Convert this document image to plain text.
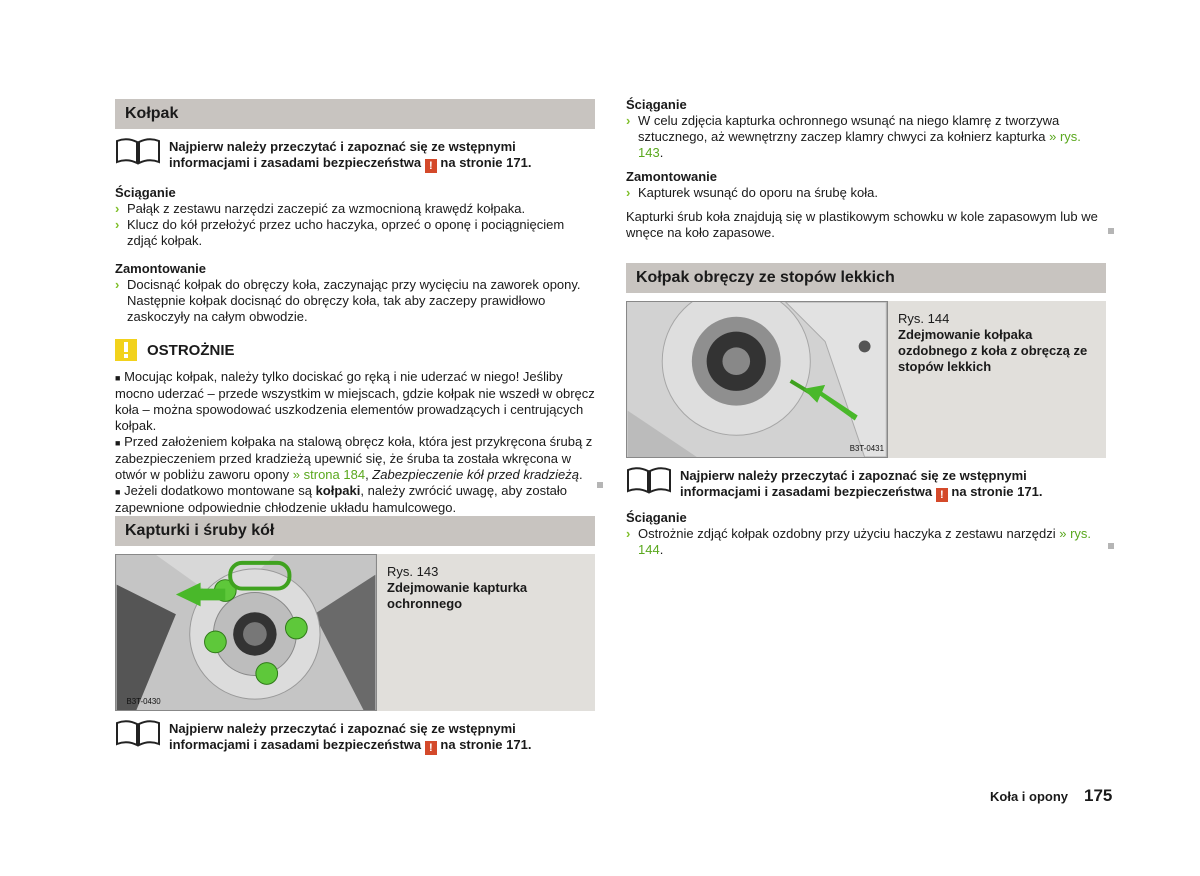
Kołpak
Najpierw należy przeczytać i zapoznać się ze wstępnymi informacjami i zasadami bezpieczeństwa ! na stronie 171.
Ściąganie
› Pałąk z zestawu narzędzi zaczepić za wzmocnioną krawędź kołpaka.
› Klucz do kół przełożyć przez ucho haczyka, oprzeć o oponę i pociągnięciem zdjąć kołpak.
Zamontowanie
› Docisnąć kołpak do obręczy koła, zaczynając przy wycięciu na zaworek opony. Następnie kołpak docisnąć do obręczy koła, tak aby zaczepy prawidłowo zaskoczyły na całym obwodzie.
OSTROŻNIE
■ Mocując kołpak, należy tylko dociskać go ręką i nie uderzać w niego! Jeśliby mocno uderzać – przede wszystkim w miejscach, gdzie kołpak nie wszedł w obręcz koła – można spowodować uszkodzenia elementów prowadzących i centrujących kołpak.
■ Przed założeniem kołpaka na stalową obręcz koła, która jest przykręcona śrubą z zabezpieczeniem przed kradzieżą upewnić się, że śruba ta została wkręcona w otwór w pobliżu zaworu opony » strona 184, Zabezpieczenie kół przed kradzieżą.
■ Jeżeli dodatkowo montowane są kołpaki, należy zwrócić uwagę, aby zostało zapewnione odpowiednie chłodzenie układu hamulcowego.
Kapturki i śruby kół
B3T-0430
Rys. 143
Zdejmowanie kapturka ochronnego
Najpierw należy przeczytać i zapoznać się ze wstępnymi informacjami i zasadami bezpieczeństwa ! na stronie 171.
Ściąganie
› W celu zdjęcia kapturka ochronnego wsunąć na niego klamrę z tworzywa sztucznego, aż wewnętrzny zaczep klamry chwyci za kołnierz kapturka » rys. 143.
Zamontowanie
› Kapturek wsunąć do oporu na śrubę koła.
Kapturki śrub koła znajdują się w plastikowym schowku w kole zapasowym lub we wnęce na koło zapasowe.
Kołpak obręczy ze stopów lekkich
B3T-0431
Rys. 144
Zdejmowanie kołpaka ozdobnego z koła z obręczą ze stopów lekkich
Najpierw należy przeczytać i zapoznać się ze wstępnymi informacjami i zasadami bezpieczeństwa ! na stronie 171.
Ściąganie
› Ostrożnie zdjąć kołpak ozdobny przy użyciu haczyka z zestawu narzędzi » rys. 144.
Koła i opony 175
